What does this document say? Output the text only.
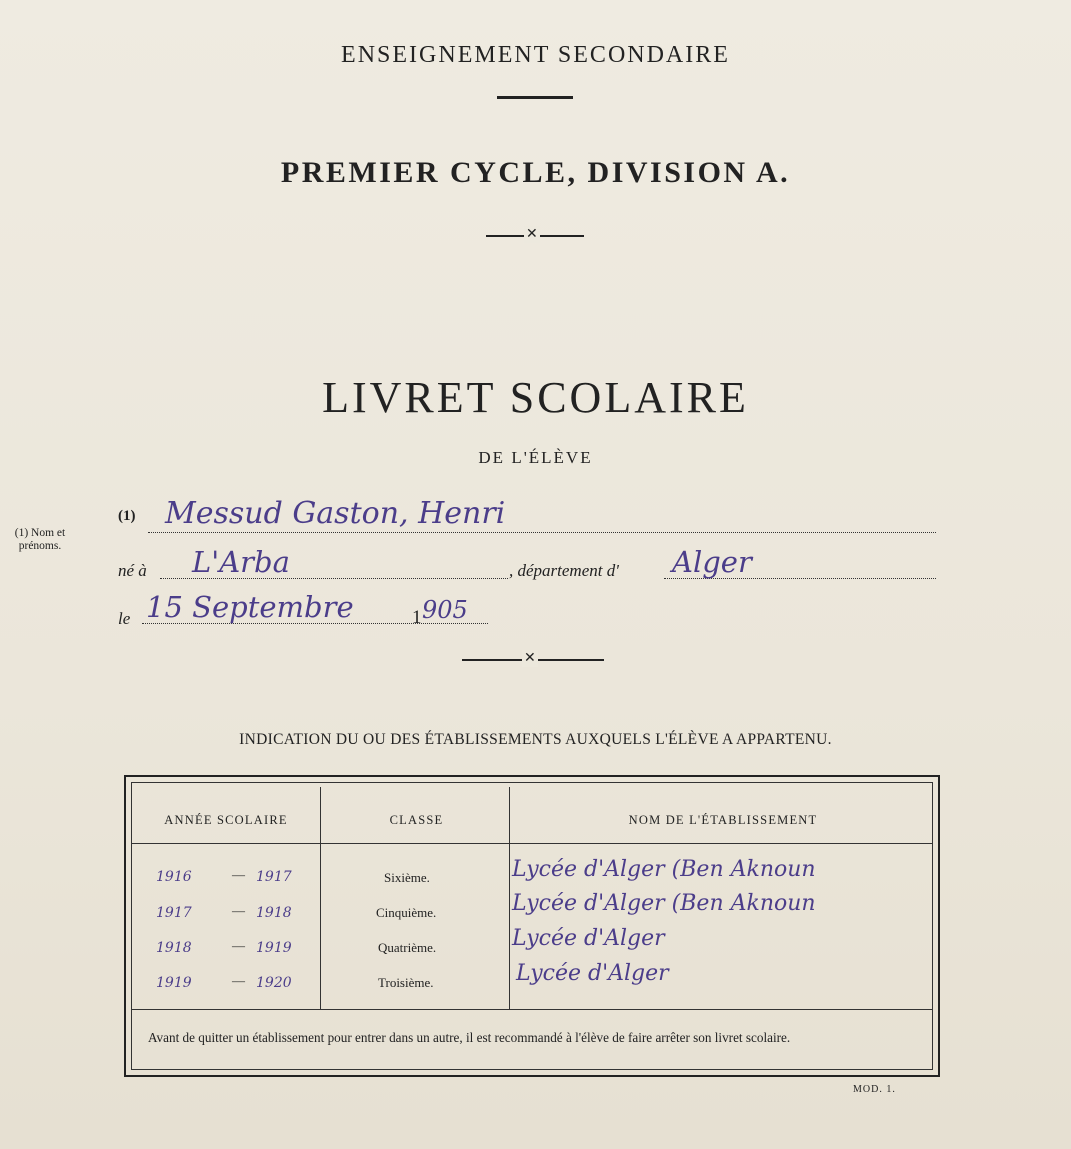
ENSEIGNEMENT SECONDAIRE
PREMIER CYCLE, DIVISION A.
✕
LIVRET SCOLAIRE
DE L'ÉLÈVE
(1) Nom et prénoms.
(1) Messud Gaston, Henri
né à L'Arba	, département d' Alger
le 15 Septembre	1 905
✕
INDICATION DU OU DES ÉTABLISSEMENTS AUXQUELS L'ÉLÈVE A APPARTENU.
ANNÉE SCOLAIRE	CLASSE	NOM DE L'ÉTABLISSEMENT
1916	— 1917	Sixième.	Lycée d'Alger (Ben Aknoun
1917	— 1918	Cinquième.	Lycée d'Alger (Ben Aknoun
1918	— 1919	Quatrième.	Lycée d'Alger
1919	— 1920	Troisième.	Lycée d'Alger
Avant de quitter un établissement pour entrer dans un autre, il est recommandé à l'élève de faire arrêter son livret scolaire.
MOD. 1.
